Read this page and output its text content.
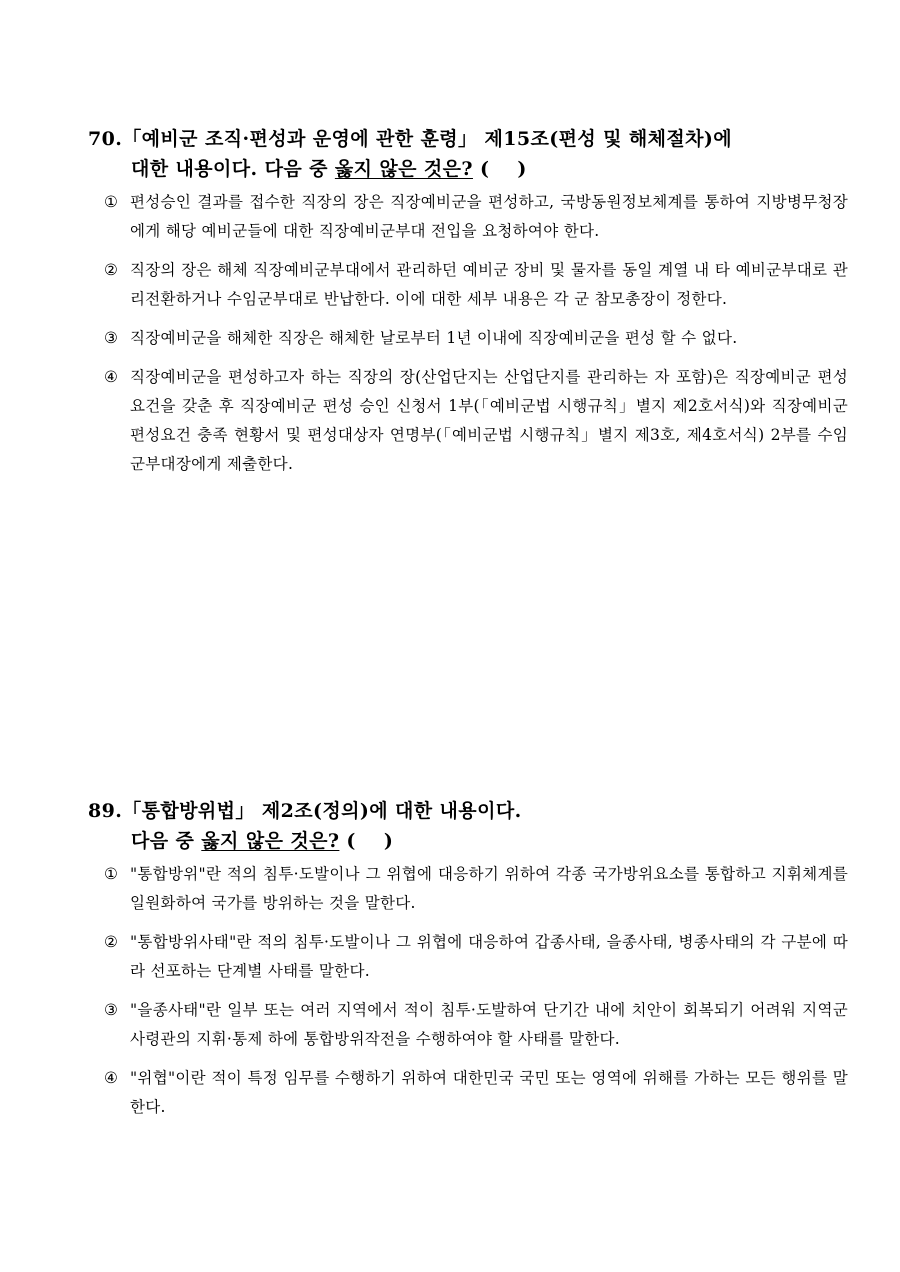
70.「예비군 조직·편성과 운영에 관한 훈령」 제15조(편성 및 해체절차)에
대한 내용이다. 다음 중 옳지 않은 것은? (    )
① 편성승인 결과를 접수한 직장의 장은 직장예비군을 편성하고, 국방동원정보체계를 통하여 지방병무청장에게 해당 예비군들에 대한 직장예비군부대 전입을 요청하여야 한다.
② 직장의 장은 해체 직장예비군부대에서 관리하던 예비군 장비 및 물자를 동일 계열 내 타 예비군부대로 관리전환하거나 수임군부대로 반납한다. 이에 대한 세부 내용은 각 군 참모총장이 정한다.
③ 직장예비군을 해체한 직장은 해체한 날로부터 1년 이내에 직장예비군을 편성 할 수 없다.
④ 직장예비군을 편성하고자 하는 직장의 장(산업단지는 산업단지를 관리하는 자 포함)은 직장예비군 편성요건을 갖춘 후 직장예비군 편성 승인 신청서 1부(「예비군법 시행규칙」별지 제2호서식)와 직장예비군 편성요건 충족 현황서 및 편성대상자 연명부(「예비군법 시행규칙」별지 제3호, 제4호서식) 2부를 수임군부대장에게 제출한다.
89.「통합방위법」 제2조(정의)에 대한 내용이다.
다음 중 옳지 않은 것은? (    )
① "통합방위"란 적의 침투·도발이나 그 위협에 대응하기 위하여 각종 국가방위요소를 통합하고 지휘체계를 일원화하여 국가를 방위하는 것을 말한다.
② "통합방위사태"란 적의 침투·도발이나 그 위협에 대응하여 갑종사태, 을종사태, 병종사태의 각 구분에 따라 선포하는 단계별 사태를 말한다.
③ "을종사태"란 일부 또는 여러 지역에서 적이 침투·도발하여 단기간 내에 치안이 회복되기 어려워 지역군사령관의 지휘·통제 하에 통합방위작전을 수행하여야 할 사태를 말한다.
④ "위협"이란 적이 특정 임무를 수행하기 위하여 대한민국 국민 또는 영역에 위해를 가하는 모든 행위를 말한다.
